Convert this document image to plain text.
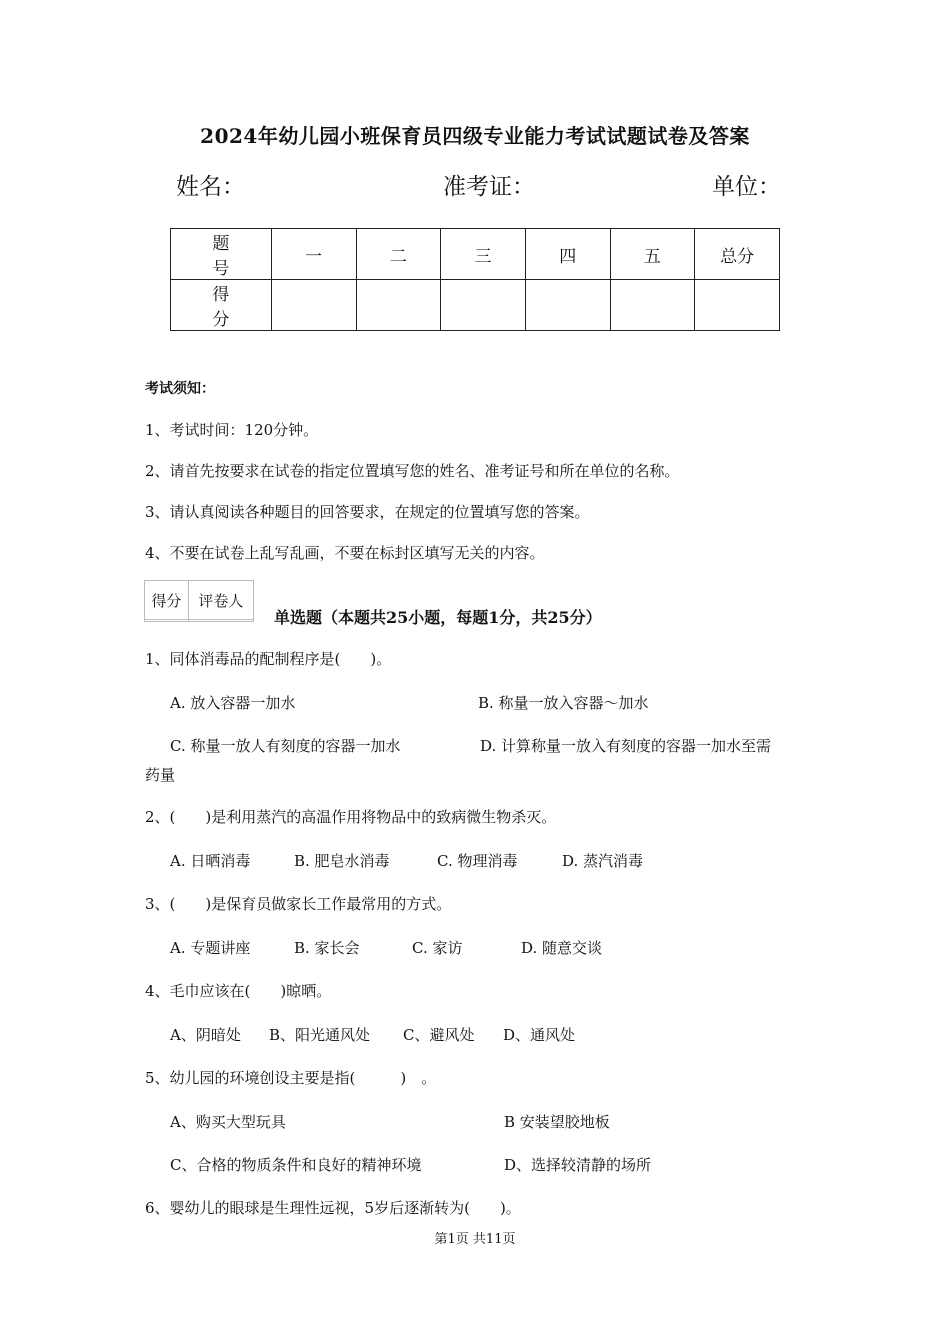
2024年幼儿园小班保育员四级专业能力考试试题试卷及答案
姓名：	准考证：	单位：
题　号	一	二	三	四	五	总分
得　分						
考试须知：
1、考试时间：120分钟。
2、请首先按要求在试卷的指定位置填写您的姓名、准考证号和所在单位的名称。
3、请认真阅读各种题目的回答要求，在规定的位置填写您的答案。
4、不要在试卷上乱写乱画，不要在标封区填写无关的内容。
得分	评卷人

单选题（本题共25小题，每题1分，共25分）
1、同体消毒品的配制程序是(　　)。
A. 放入容器一加水	B. 称量一放入容器～加水
C. 称量一放人有刻度的容器一加水	D. 计算称量一放入有刻度的容器一加水至需
药量
2、(　　)是利用蒸汽的高温作用将物品中的致病微生物杀灭。
A. 日晒消毒	B. 肥皂水消毒	C. 物理消毒	D. 蒸汽消毒
3、(　　)是保育员做家长工作最常用的方式。
A. 专题讲座	B. 家长会	C. 家访	D. 随意交谈
4、毛巾应该在(　　)晾晒。
A、阴暗处 B、阳光通风处 C、避风处 D、通风处
5、幼儿园的环境创设主要是指(　　　)　。
A、购买大型玩具	B 安装望胶地板
C、合格的物质条件和良好的精神环境	D、选择较清静的场所
6、婴幼儿的眼球是生理性远视，5岁后逐渐转为(　　)。
第1页 共11页
